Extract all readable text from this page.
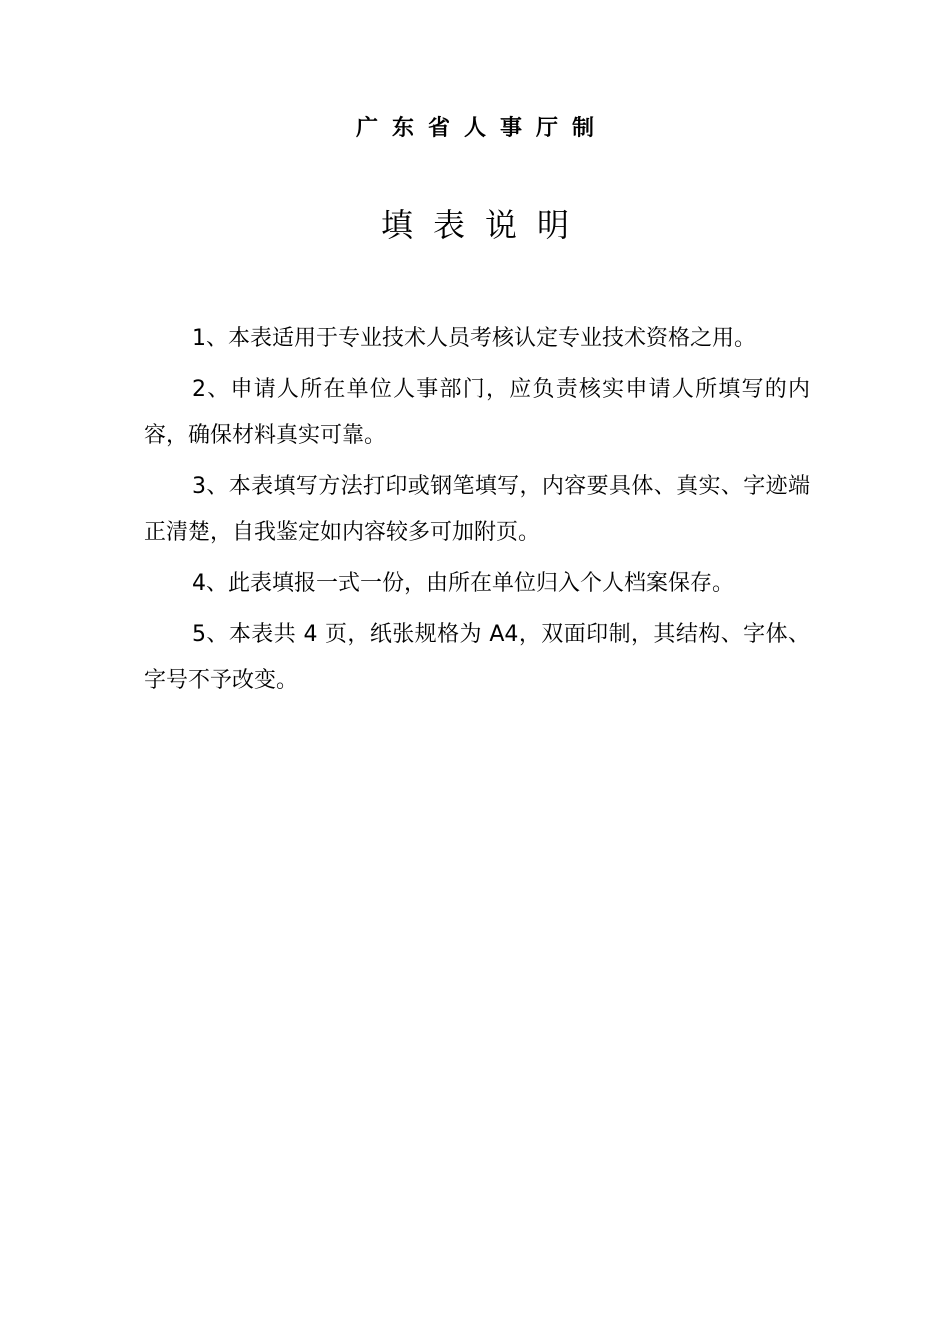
广东省人事厅制
填表说明

1、本表适用于专业技术人员考核认定专业技术资格之用。

2、申请人所在单位人事部门，应负责核实申请人所填写的内容，确保材料真实可靠。

3、本表填写方法打印或钢笔填写，内容要具体、真实、字迹端正清楚，自我鉴定如内容较多可加附页。

4、此表填报一式一份，由所在单位归入个人档案保存。

5、本表共 4 页，纸张规格为 A4，双面印制，其结构、字体、字号不予改变。
